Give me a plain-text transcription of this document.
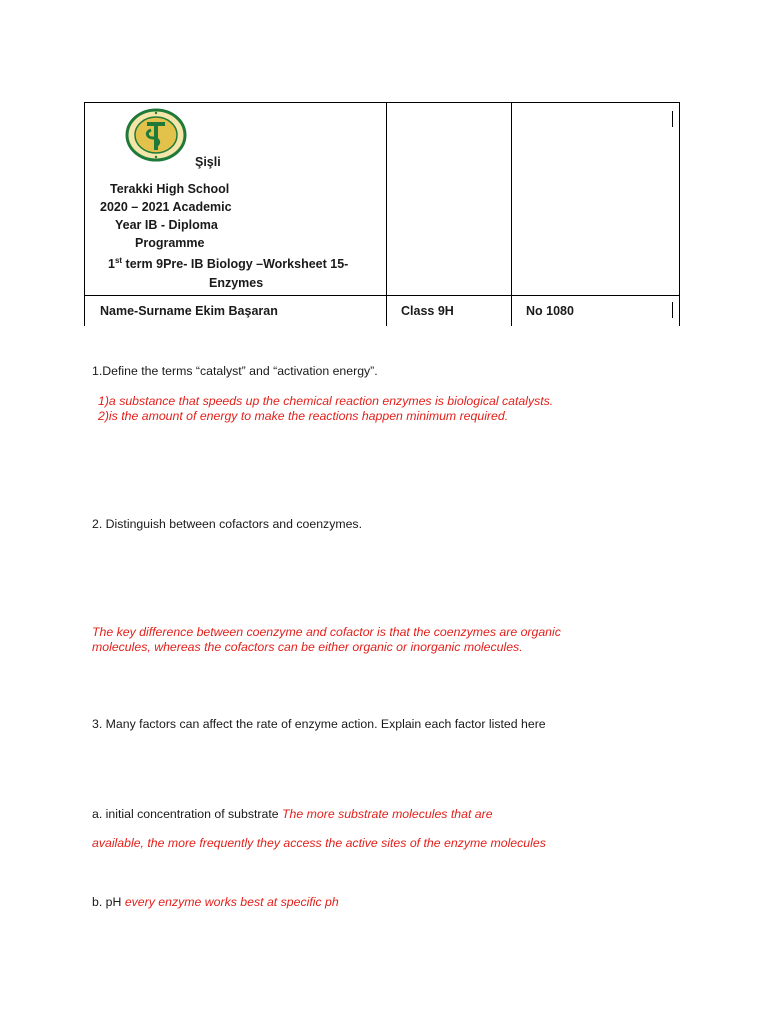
Şişli
Terakki High School
2020 – 2021 Academic
Year IB - Diploma
Programme
1st term 9Pre- IB Biology –Worksheet 15-
Enzymes
Name-Surname Ekim Başaran	Class 9H	No 1080
1.Define the terms “catalyst” and “activation energy”.
1)a substance that speeds up the chemical reaction enzymes is biological catalysts.
2)is the amount of energy to make the reactions happen minimum required.
2. Distinguish between cofactors and coenzymes.
The key difference between coenzyme and cofactor is that the coenzymes are organic
molecules, whereas the cofactors can be either organic or inorganic molecules.
3. Many factors can affect the rate of enzyme action. Explain each factor listed here
a. initial concentration of substrate The more substrate molecules that are
available, the more frequently they access the active sites of the enzyme molecules
b. pH every enzyme works best at specific ph
